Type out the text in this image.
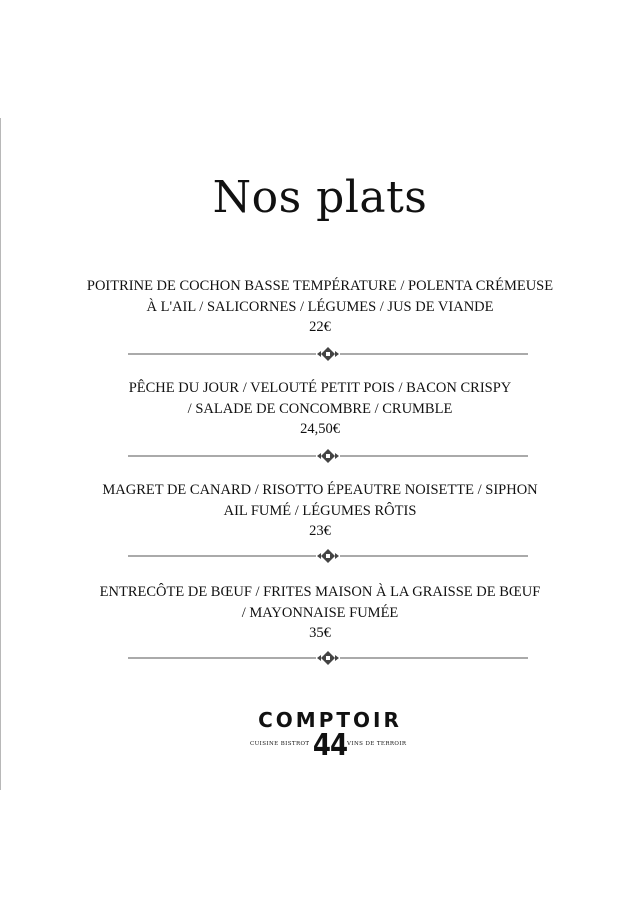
Nos plats
POITRINE DE COCHON BASSE TEMPÉRATURE / POLENTA CRÉMEUSE
À L'AIL / SALICORNES / LÉGUMES / JUS DE VIANDE

22€
PÊCHE DU JOUR / VELOUTÉ PETIT POIS / BACON CRISPY
/ SALADE DE CONCOMBRE / CRUMBLE

24,50€
MAGRET DE CANARD / RISOTTO ÉPEAUTRE NOISETTE / SIPHON
AIL FUMÉ / LÉGUMES RÔTIS

23€
ENTRECÔTE DE BŒUF / FRITES MAISON À LA GRAISSE DE BŒUF
/ MAYONNAISE FUMÉE

35€
COMPTOIR
CUISINE BISTROT 44 VINS DE TERROIR
